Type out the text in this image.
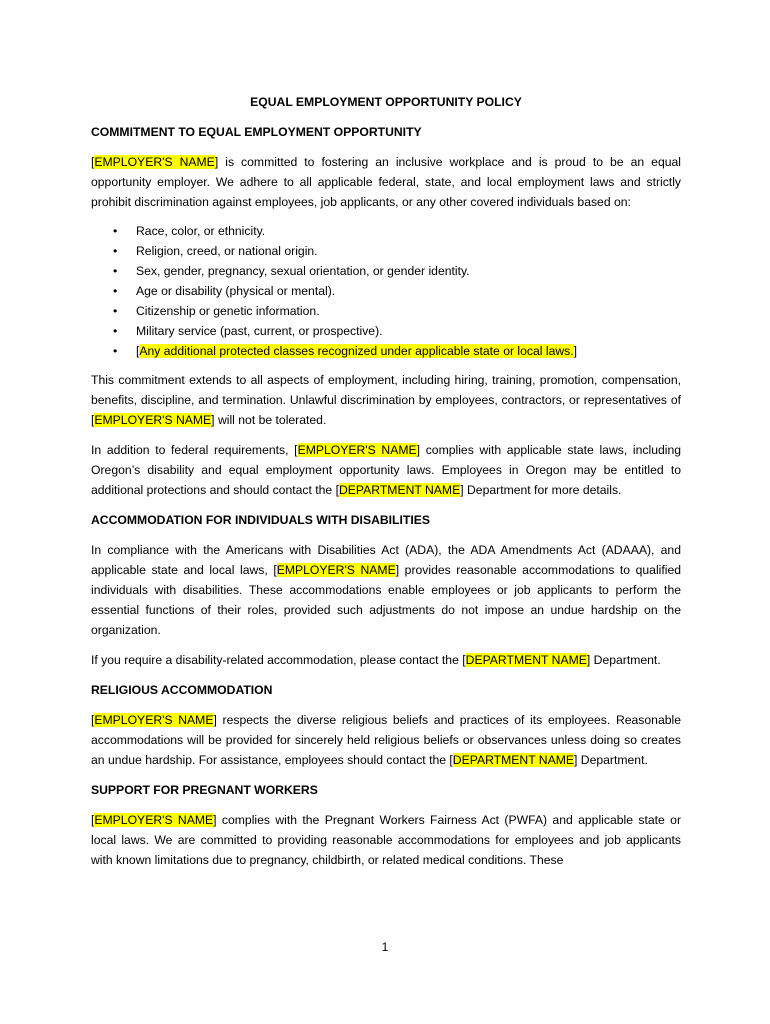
EQUAL EMPLOYMENT OPPORTUNITY POLICY
COMMITMENT TO EQUAL EMPLOYMENT OPPORTUNITY

[EMPLOYER'S NAME] is committed to fostering an inclusive workplace and is proud to be an equal opportunity employer. We adhere to all applicable federal, state, and local employment laws and strictly prohibit discrimination against employees, job applicants, or any other covered individuals based on:

• Race, color, or ethnicity.
• Religion, creed, or national origin.
• Sex, gender, pregnancy, sexual orientation, or gender identity.
• Age or disability (physical or mental).
• Citizenship or genetic information.
• Military service (past, current, or prospective).
• [Any additional protected classes recognized under applicable state or local laws.]

This commitment extends to all aspects of employment, including hiring, training, promotion, compensation, benefits, discipline, and termination. Unlawful discrimination by employees, contractors, or representatives of [EMPLOYER'S NAME] will not be tolerated.

In addition to federal requirements, [EMPLOYER'S NAME] complies with applicable state laws, including Oregon’s disability and equal employment opportunity laws. Employees in Oregon may be entitled to additional protections and should contact the [DEPARTMENT NAME] Department for more details.

ACCOMMODATION FOR INDIVIDUALS WITH DISABILITIES

In compliance with the Americans with Disabilities Act (ADA), the ADA Amendments Act (ADAAA), and applicable state and local laws, [EMPLOYER'S NAME] provides reasonable accommodations to qualified individuals with disabilities. These accommodations enable employees or job applicants to perform the essential functions of their roles, provided such adjustments do not impose an undue hardship on the organization.

If you require a disability-related accommodation, please contact the [DEPARTMENT NAME] Department.

RELIGIOUS ACCOMMODATION

[EMPLOYER'S NAME] respects the diverse religious beliefs and practices of its employees. Reasonable accommodations will be provided for sincerely held religious beliefs or observances unless doing so creates an undue hardship. For assistance, employees should contact the [DEPARTMENT NAME] Department.

SUPPORT FOR PREGNANT WORKERS

[EMPLOYER'S NAME] complies with the Pregnant Workers Fairness Act (PWFA) and applicable state or local laws. We are committed to providing reasonable accommodations for employees and job applicants with known limitations due to pregnancy, childbirth, or related medical conditions. These

1
